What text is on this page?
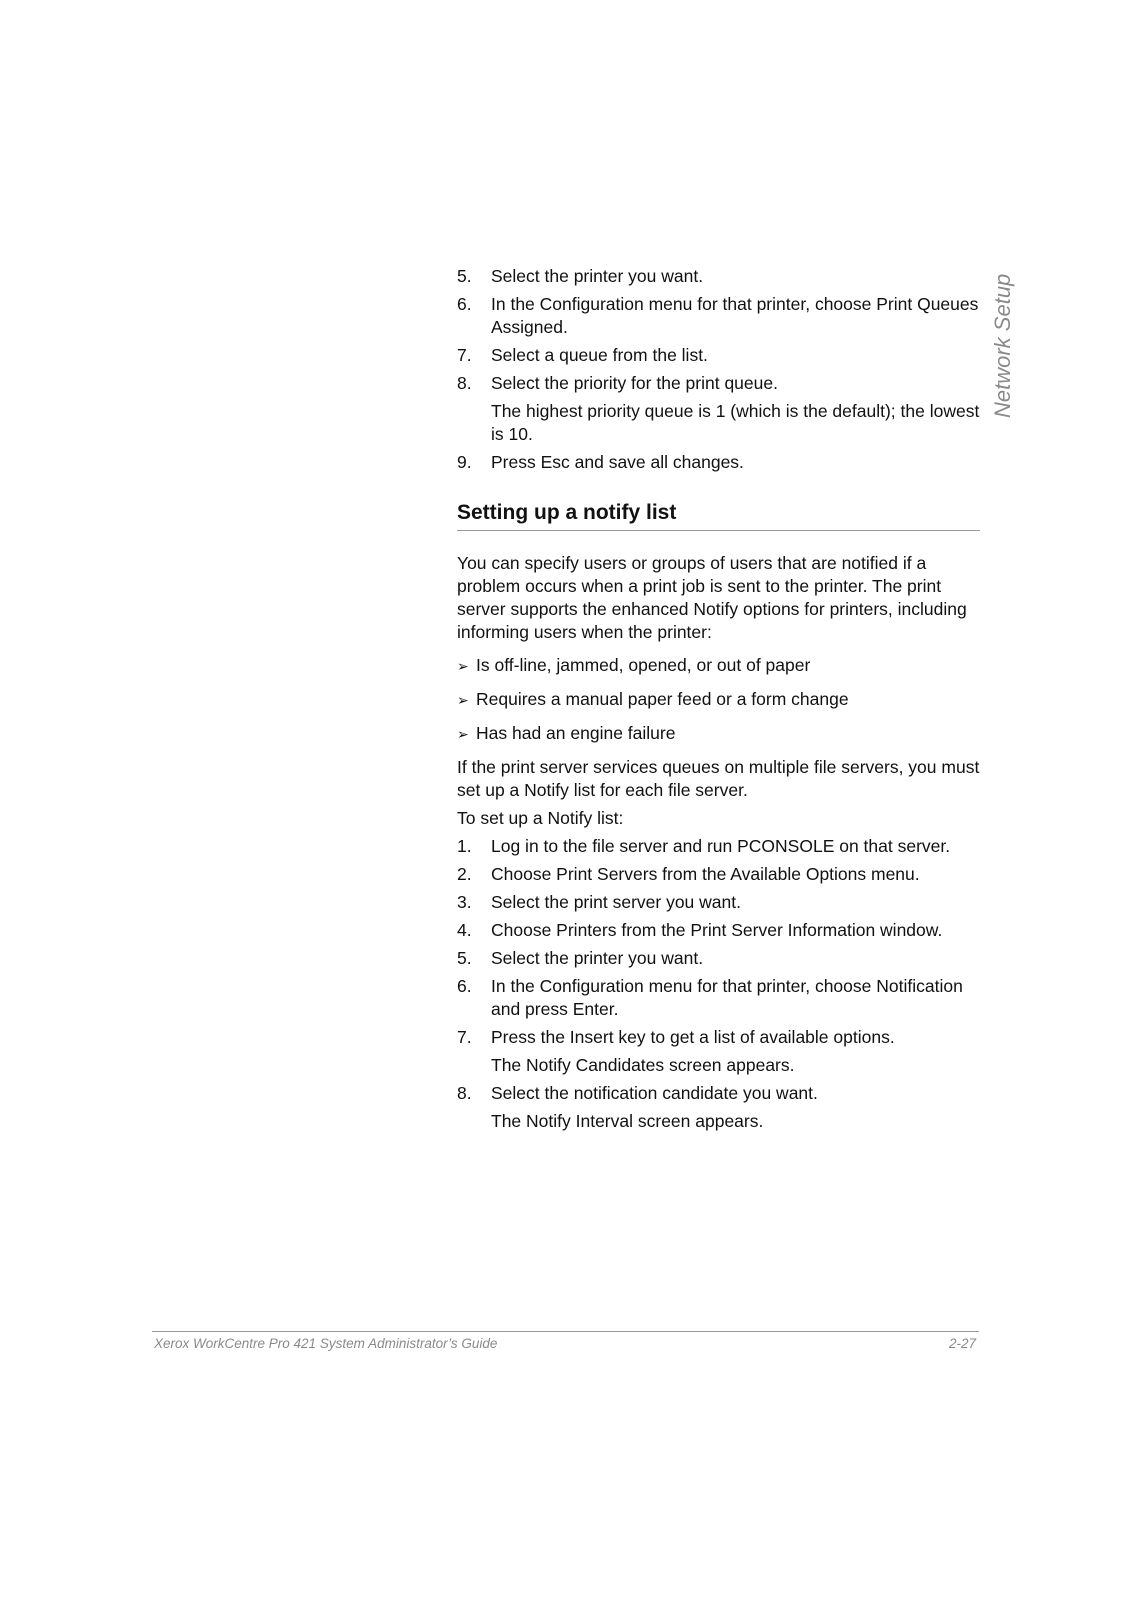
Network Setup
5. Select the printer you want.
6. In the Configuration menu for that printer, choose Print Queues Assigned.
7. Select a queue from the list.
8. Select the priority for the print queue.
The highest priority queue is 1 (which is the default); the lowest is 10.
9. Press Esc and save all changes.
Setting up a notify list
You can specify users or groups of users that are notified if a problem occurs when a print job is sent to the printer. The print server supports the enhanced Notify options for printers, including informing users when the printer:
➢ Is off-line, jammed, opened, or out of paper
➢ Requires a manual paper feed or a form change
➢ Has had an engine failure
If the print server services queues on multiple file servers, you must set up a Notify list for each file server.
To set up a Notify list:
1. Log in to the file server and run PCONSOLE on that server.
2. Choose Print Servers from the Available Options menu.
3. Select the print server you want.
4. Choose Printers from the Print Server Information window.
5. Select the printer you want.
6. In the Configuration menu for that printer, choose Notification and press Enter.
7. Press the Insert key to get a list of available options.
The Notify Candidates screen appears.
8. Select the notification candidate you want.
The Notify Interval screen appears.
Xerox WorkCentre Pro 421 System Administrator’s Guide	2-27
